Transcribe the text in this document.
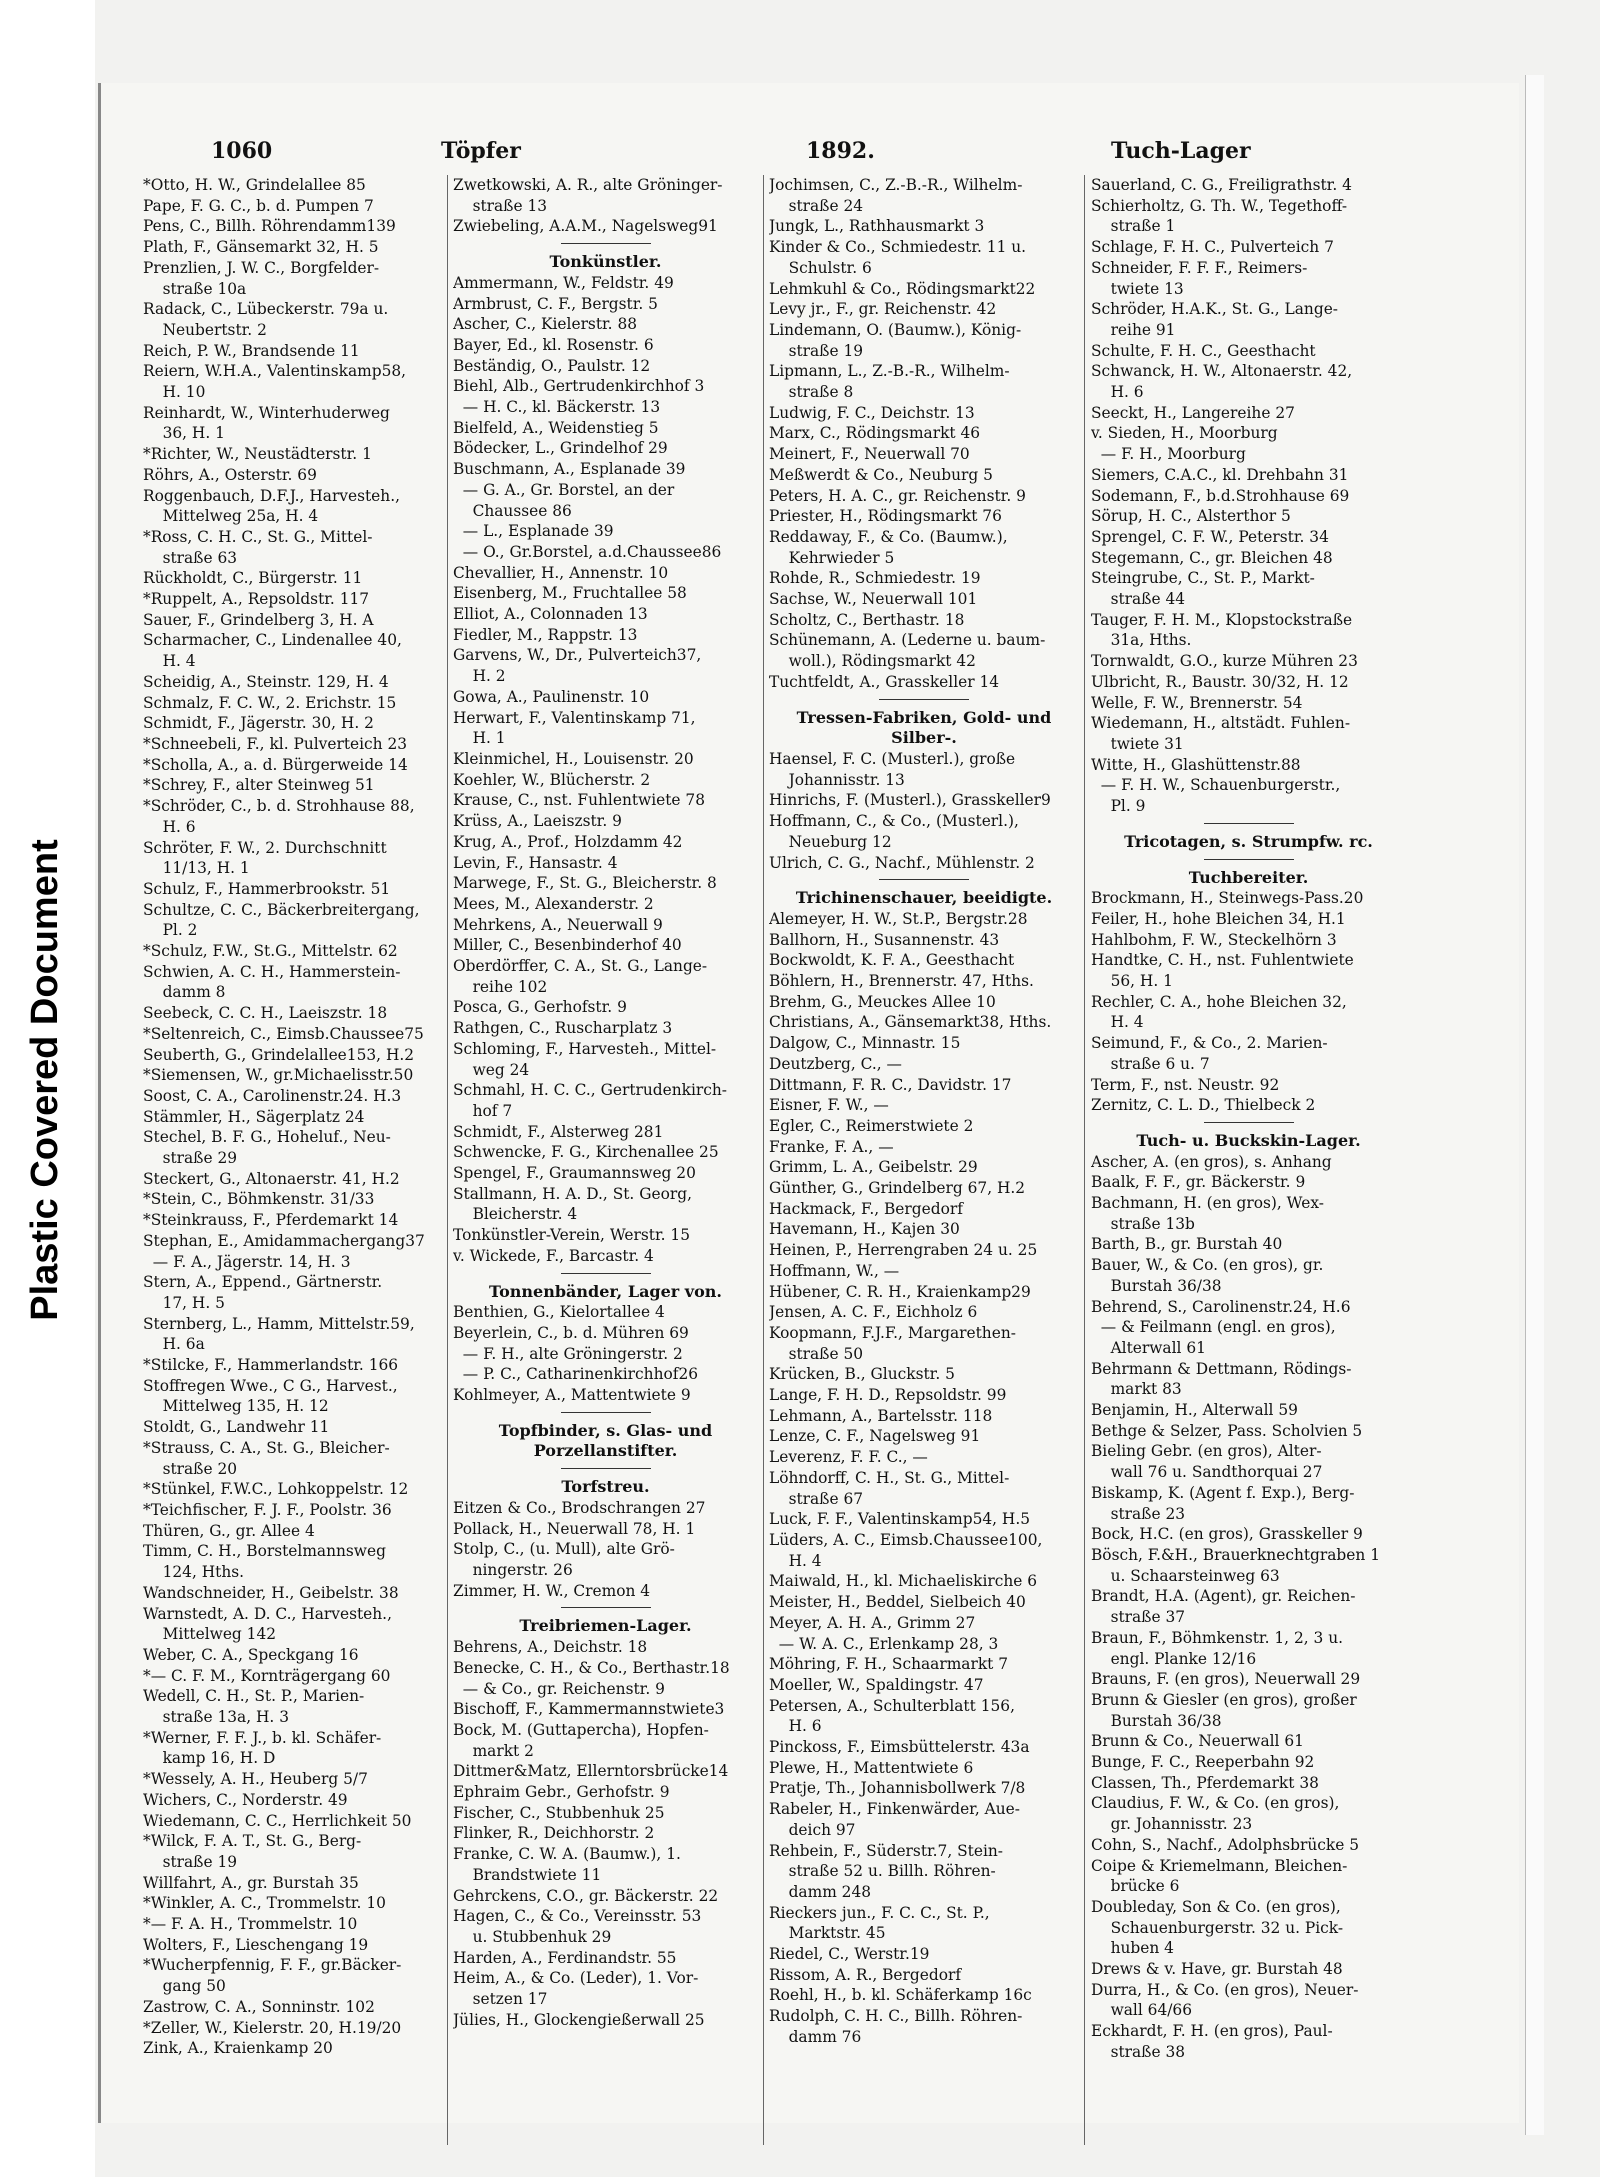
Plastic Covered Document
1060	Töpfer	1892.	Tuch-Lager
*Otto, H. W., Grindelallee 85
Pape, F. G. C., b. d. Pumpen 7
Pens, C., Billh. Röhrendamm139
Plath, F., Gänsemarkt 32, H. 5
Prenzlien, J. W. C., Borgfelder-
straße 10a
Radack, C., Lübeckerstr. 79a u.
Neubertstr. 2
Reich, P. W., Brandsende 11
Reiern, W.H.A., Valentinskamp58,
H. 10
Reinhardt, W., Winterhuderweg
36, H. 1
*Richter, W., Neustädterstr. 1
Röhrs, A., Osterstr. 69
Roggenbauch, D.F.J., Harvesteh.,
Mittelweg 25a, H. 4
*Ross, C. H. C., St. G., Mittel-
straße 63
Rückholdt, C., Bürgerstr. 11
*Ruppelt, A., Repsoldstr. 117
Sauer, F., Grindelberg 3, H. A
Scharmacher, C., Lindenallee 40,
H. 4
Scheidig, A., Steinstr. 129, H. 4
Schmalz, F. C. W., 2. Erichstr. 15
Schmidt, F., Jägerstr. 30, H. 2
*Schneebeli, F., kl. Pulverteich 23
*Scholla, A., a. d. Bürgerweide 14
*Schrey, F., alter Steinweg 51
*Schröder, C., b. d. Strohhause 88,
H. 6
Schröter, F. W., 2. Durchschnitt
11/13, H. 1
Schulz, F., Hammerbrookstr. 51
Schultze, C. C., Bäckerbreitergang,
Pl. 2
*Schulz, F.W., St.G., Mittelstr. 62
Schwien, A. C. H., Hammerstein-
damm 8
Seebeck, C. C. H., Laeiszstr. 18
*Seltenreich, C., Eimsb.Chaussee75
Seuberth, G., Grindelallee153, H.2
*Siemensen, W., gr.Michaelisstr.50
Soost, C. A., Carolinenstr.24. H.3
Stämmler, H., Sägerplatz 24
Stechel, B. F. G., Hoheluf., Neu-
straße 29
Steckert, G., Altonaerstr. 41, H.2
*Stein, C., Böhmkenstr. 31/33
*Steinkrauss, F., Pferdemarkt 14
Stephan, E., Amidammachergang37
— F. A., Jägerstr. 14, H. 3
Stern, A., Eppend., Gärtnerstr.
17, H. 5
Sternberg, L., Hamm, Mittelstr.59,
H. 6a
*Stilcke, F., Hammerlandstr. 166
Stoffregen Wwe., C G., Harvest.,
Mittelweg 135, H. 12
Stoldt, G., Landwehr 11
*Strauss, C. A., St. G., Bleicher-
straße 20
*Stünkel, F.W.C., Lohkoppelstr. 12
*Teichfischer, F. J. F., Poolstr. 36
Thüren, G., gr. Allee 4
Timm, C. H., Borstelmannsweg
124, Hths.
Wandschneider, H., Geibelstr. 38
Warnstedt, A. D. C., Harvesteh.,
Mittelweg 142
Weber, C. A., Speckgang 16
*— C. F. M., Kornträgergang 60
Wedell, C. H., St. P., Marien-
straße 13a, H. 3
*Werner, F. F. J., b. kl. Schäfer-
kamp 16, H. D
*Wessely, A. H., Heuberg 5/7
Wichers, C., Norderstr. 49
Wiedemann, C. C., Herrlichkeit 50
*Wilck, F. A. T., St. G., Berg-
straße 19
Willfahrt, A., gr. Burstah 35
*Winkler, A. C., Trommelstr. 10
*— F. A. H., Trommelstr. 10
Wolters, F., Lieschengang 19
*Wucherpfennig, F. F., gr.Bäcker-
gang 50
Zastrow, C. A., Sonninstr. 102
*Zeller, W., Kielerstr. 20, H.19/20
Zink, A., Kraienkamp 20
Zwetkowski, A. R., alte Gröninger-
straße 13
Zwiebeling, A.A.M., Nagelsweg91
Tonkünstler.
Ammermann, W., Feldstr. 49
Armbrust, C. F., Bergstr. 5
Ascher, C., Kielerstr. 88
Bayer, Ed., kl. Rosenstr. 6
Beständig, O., Paulstr. 12
Biehl, Alb., Gertrudenkirchhof 3
— H. C., kl. Bäckerstr. 13
Bielfeld, A., Weidenstieg 5
Bödecker, L., Grindelhof 29
Buschmann, A., Esplanade 39
— G. A., Gr. Borstel, an der
Chaussee 86
— L., Esplanade 39
— O., Gr.Borstel, a.d.Chaussee86
Chevallier, H., Annenstr. 10
Eisenberg, M., Fruchtallee 58
Elliot, A., Colonnaden 13
Fiedler, M., Rappstr. 13
Garvens, W., Dr., Pulverteich37,
H. 2
Gowa, A., Paulinenstr. 10
Herwart, F., Valentinskamp 71,
H. 1
Kleinmichel, H., Louisenstr. 20
Koehler, W., Blücherstr. 2
Krause, C., nst. Fuhlentwiete 78
Krüss, A., Laeiszstr. 9
Krug, A., Prof., Holzdamm 42
Levin, F., Hansastr. 4
Marwege, F., St. G., Bleicherstr. 8
Mees, M., Alexanderstr. 2
Mehrkens, A., Neuerwall 9
Miller, C., Besenbinderhof 40
Oberdörffer, C. A., St. G., Lange-
reihe 102
Posca, G., Gerhofstr. 9
Rathgen, C., Ruscharplatz 3
Schloming, F., Harvesteh., Mittel-
weg 24
Schmahl, H. C. C., Gertrudenkirch-
hof 7
Schmidt, F., Alsterweg 281
Schwencke, F. G., Kirchenallee 25
Spengel, F., Graumannsweg 20
Stallmann, H. A. D., St. Georg,
Bleicherstr. 4
Tonkünstler-Verein, Werstr. 15
v. Wickede, F., Barcastr. 4
Tonnenbänder, Lager von.
Benthien, G., Kielortallee 4
Beyerlein, C., b. d. Mühren 69
— F. H., alte Gröningerstr. 2
— P. C., Catharinenkirchhof26
Kohlmeyer, A., Mattentwiete 9
Topfbinder, s. Glas- und
Porzellanstifter.
Torfstreu.
Eitzen & Co., Brodschrangen 27
Pollack, H., Neuerwall 78, H. 1
Stolp, C., (u. Mull), alte Grö-
ningerstr. 26
Zimmer, H. W., Cremon 4
Treibriemen-Lager.
Behrens, A., Deichstr. 18
Benecke, C. H., & Co., Berthastr.18
— & Co., gr. Reichenstr. 9
Bischoff, F., Kammermannstwiete3
Bock, M. (Guttapercha), Hopfen-
markt 2
Dittmer&Matz, Ellerntorsbrücke14
Ephraim Gebr., Gerhofstr. 9
Fischer, C., Stubbenhuk 25
Flinker, R., Deichhorstr. 2
Franke, C. W. A. (Baumw.), 1.
Brandstwiete 11
Gehrckens, C.O., gr. Bäckerstr. 22
Hagen, C., & Co., Vereinsstr. 53
u. Stubbenhuk 29
Harden, A., Ferdinandstr. 55
Heim, A., & Co. (Leder), 1. Vor-
setzen 17
Jülies, H., Glockengießerwall 25
Jochimsen, C., Z.-B.-R., Wilhelm-
straße 24
Jungk, L., Rathhausmarkt 3
Kinder & Co., Schmiedestr. 11 u.
Schulstr. 6
Lehmkuhl & Co., Rödingsmarkt22
Levy jr., F., gr. Reichenstr. 42
Lindemann, O. (Baumw.), König-
straße 19
Lipmann, L., Z.-B.-R., Wilhelm-
straße 8
Ludwig, F. C., Deichstr. 13
Marx, C., Rödingsmarkt 46
Meinert, F., Neuerwall 70
Meßwerdt & Co., Neuburg 5
Peters, H. A. C., gr. Reichenstr. 9
Priester, H., Rödingsmarkt 76
Reddaway, F., & Co. (Baumw.),
Kehrwieder 5
Rohde, R., Schmiedestr. 19
Sachse, W., Neuerwall 101
Scholtz, C., Berthastr. 18
Schünemann, A. (Lederne u. baum-
woll.), Rödingsmarkt 42
Tuchtfeldt, A., Grasskeller 14
Tressen-Fabriken, Gold- und
Silber-.
Haensel, F. C. (Musterl.), große
Johannisstr. 13
Hinrichs, F. (Musterl.), Grasskeller9
Hoffmann, C., & Co., (Musterl.),
Neueburg 12
Ulrich, C. G., Nachf., Mühlenstr. 2
Trichinenschauer, beeidigte.
Alemeyer, H. W., St.P., Bergstr.28
Ballhorn, H., Susannenstr. 43
Bockwoldt, K. F. A., Geesthacht
Böhlern, H., Brennerstr. 47, Hths.
Brehm, G., Meuckes Allee 10
Christians, A., Gänsemarkt38, Hths.
Dalgow, C., Minnastr. 15
Deutzberg, C., —
Dittmann, F. R. C., Davidstr. 17
Eisner, F. W., —
Egler, C., Reimerstwiete 2
Franke, F. A., —
Grimm, L. A., Geibelstr. 29
Günther, G., Grindelberg 67, H.2
Hackmack, F., Bergedorf
Havemann, H., Kajen 30
Heinen, P., Herrengraben 24 u. 25
Hoffmann, W., —
Hübener, C. R. H., Kraienkamp29
Jensen, A. C. F., Eichholz 6
Koopmann, F.J.F., Margarethen-
straße 50
Krücken, B., Gluckstr. 5
Lange, F. H. D., Repsoldstr. 99
Lehmann, A., Bartelsstr. 118
Lenze, C. F., Nagelsweg 91
Leverenz, F. F. C., —
Löhndorff, C. H., St. G., Mittel-
straße 67
Luck, F. F., Valentinskamp54, H.5
Lüders, A. C., Eimsb.Chaussee100,
H. 4
Maiwald, H., kl. Michaeliskirche 6
Meister, H., Beddel, Sielbeich 40
Meyer, A. H. A., Grimm 27
— W. A. C., Erlenkamp 28, 3
Möhring, F. H., Schaarmarkt 7
Moeller, W., Spaldingstr. 47
Petersen, A., Schulterblatt 156,
H. 6
Pinckoss, F., Eimsbüttelerstr. 43a
Plewe, H., Mattentwiete 6
Pratje, Th., Johannisbollwerk 7/8
Rabeler, H., Finkenwärder, Aue-
deich 97
Rehbein, F., Süderstr.7, Stein-
straße 52 u. Billh. Röhren-
damm 248
Rieckers jun., F. C. C., St. P.,
Marktstr. 45
Riedel, C., Werstr.19
Rissom, A. R., Bergedorf
Roehl, H., b. kl. Schäferkamp 16c
Rudolph, C. H. C., Billh. Röhren-
damm 76
Sauerland, C. G., Freiligrathstr. 4
Schierholtz, G. Th. W., Tegethoff-
straße 1
Schlage, F. H. C., Pulverteich 7
Schneider, F. F. F., Reimers-
twiete 13
Schröder, H.A.K., St. G., Lange-
reihe 91
Schulte, F. H. C., Geesthacht
Schwanck, H. W., Altonaerstr. 42,
H. 6
Seeckt, H., Langereihe 27
v. Sieden, H., Moorburg
— F. H., Moorburg
Siemers, C.A.C., kl. Drehbahn 31
Sodemann, F., b.d.Strohhause 69
Sörup, H. C., Alsterthor 5
Sprengel, C. F. W., Peterstr. 34
Stegemann, C., gr. Bleichen 48
Steingrube, C., St. P., Markt-
straße 44
Tauger, F. H. M., Klopstockstraße
31a, Hths.
Tornwaldt, G.O., kurze Mühren 23
Ulbricht, R., Baustr. 30/32, H. 12
Welle, F. W., Brennerstr. 54
Wiedemann, H., altstädt. Fuhlen-
twiete 31
Witte, H., Glashüttenstr.88
— F. H. W., Schauenburgerstr.,
Pl. 9
Tricotagen, s. Strumpfw. rc.
Tuchbereiter.
Brockmann, H., Steinwegs-Pass.20
Feiler, H., hohe Bleichen 34, H.1
Hahlbohm, F. W., Steckelhörn 3
Handtke, C. H., nst. Fuhlentwiete
56, H. 1
Rechler, C. A., hohe Bleichen 32,
H. 4
Seimund, F., & Co., 2. Marien-
straße 6 u. 7
Term, F., nst. Neustr. 92
Zernitz, C. L. D., Thielbeck 2
Tuch- u. Buckskin-Lager.
Ascher, A. (en gros), s. Anhang
Baalk, F. F., gr. Bäckerstr. 9
Bachmann, H. (en gros), Wex-
straße 13b
Barth, B., gr. Burstah 40
Bauer, W., & Co. (en gros), gr.
Burstah 36/38
Behrend, S., Carolinenstr.24, H.6
— & Feilmann (engl. en gros),
Alterwall 61
Behrmann & Dettmann, Rödings-
markt 83
Benjamin, H., Alterwall 59
Bethge & Selzer, Pass. Scholvien 5
Bieling Gebr. (en gros), Alter-
wall 76 u. Sandthorquai 27
Biskamp, K. (Agent f. Exp.), Berg-
straße 23
Bock, H.C. (en gros), Grasskeller 9
Bösch, F.&H., Brauerknechtgraben 1
u. Schaarsteinweg 63
Brandt, H.A. (Agent), gr. Reichen-
straße 37
Braun, F., Böhmkenstr. 1, 2, 3 u.
engl. Planke 12/16
Brauns, F. (en gros), Neuerwall 29
Brunn & Giesler (en gros), großer
Burstah 36/38
Brunn & Co., Neuerwall 61
Bunge, F. C., Reeperbahn 92
Classen, Th., Pferdemarkt 38
Claudius, F. W., & Co. (en gros),
gr. Johannisstr. 23
Cohn, S., Nachf., Adolphsbrücke 5
Coipe & Kriemelmann, Bleichen-
brücke 6
Doubleday, Son & Co. (en gros),
Schauenburgerstr. 32 u. Pick-
huben 4
Drews & v. Have, gr. Burstah 48
Durra, H., & Co. (en gros), Neuer-
wall 64/66
Eckhardt, F. H. (en gros), Paul-
straße 38
